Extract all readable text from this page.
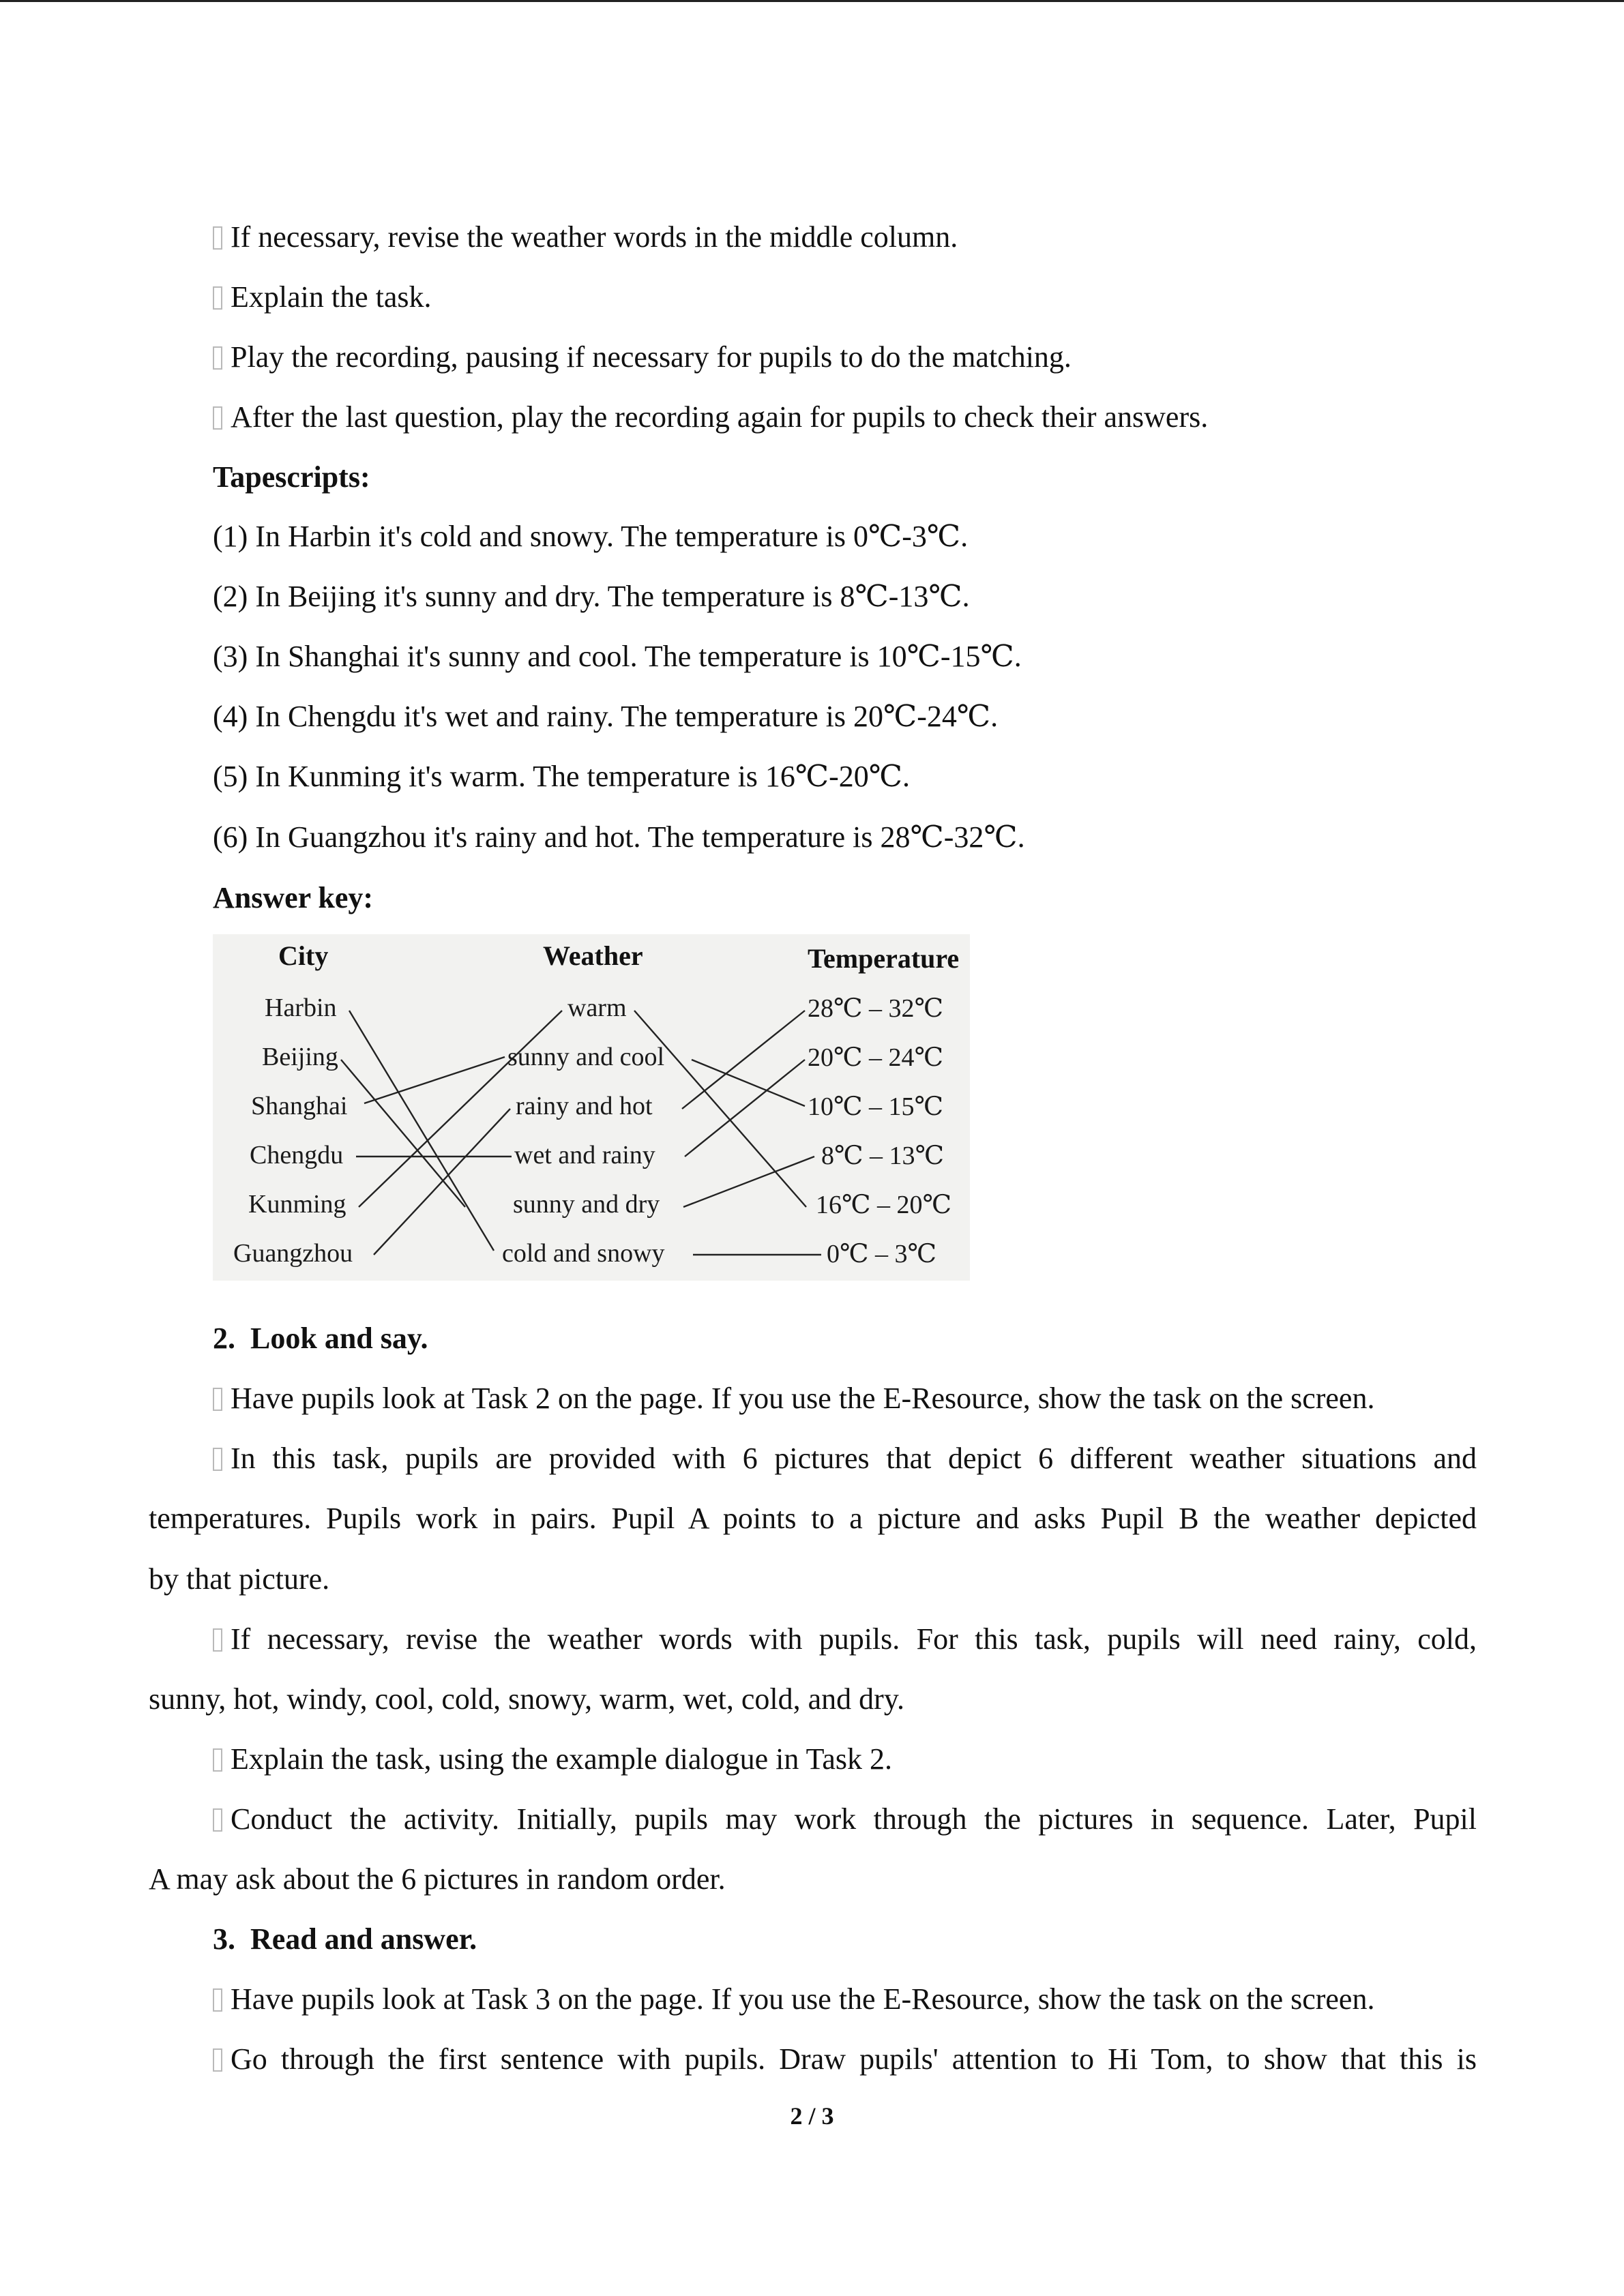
If necessary, revise the weather words in the middle column.
Explain the task.
Play the recording, pausing if necessary for pupils to do the matching.
After the last question, play the recording again for pupils to check their answers.
Tapescripts:
(1) In Harbin it's cold and snowy. The temperature is 0℃-3℃.
(2) In Beijing it's sunny and dry. The temperature is 8℃-13℃.
(3) In Shanghai it's sunny and cool. The temperature is 10℃-15℃.
(4) In Chengdu it's wet and rainy. The temperature is 20℃-24℃.
(5) In Kunming it's warm. The temperature is 16℃-20℃.
(6) In Guangzhou it's rainy and hot. The temperature is 28℃-32℃.
Answer key:
City	Weather	Temperature
Harbin
Beijing
Shanghai
Chengdu
Kunming
Guangzhou
warm
sunny and cool
rainy and hot
wet and rainy
sunny and dry
cold and snowy
28℃ – 32℃
20℃ – 24℃
10℃ – 15℃
8℃ – 13℃
16℃ – 20℃
0℃ – 3℃
2. Look and say.
Have pupils look at Task 2 on the page. If you use the E-Resource, show the task on the screen.
In this task, pupils are provided with 6 pictures that depict 6 different weather situations and
temperatures. Pupils work in pairs. Pupil A points to a picture and asks Pupil B the weather depicted
by that picture.
If necessary, revise the weather words with pupils. For this task, pupils will need rainy, cold,
sunny, hot, windy, cool, cold, snowy, warm, wet, cold, and dry.
Explain the task, using the example dialogue in Task 2.
Conduct the activity. Initially, pupils may work through the pictures in sequence. Later, Pupil
A may ask about the 6 pictures in random order.
3. Read and answer.
Have pupils look at Task 3 on the page. If you use the E-Resource, show the task on the screen.
Go through the first sentence with pupils. Draw pupils' attention to Hi Tom, to show that this is
2 / 3
